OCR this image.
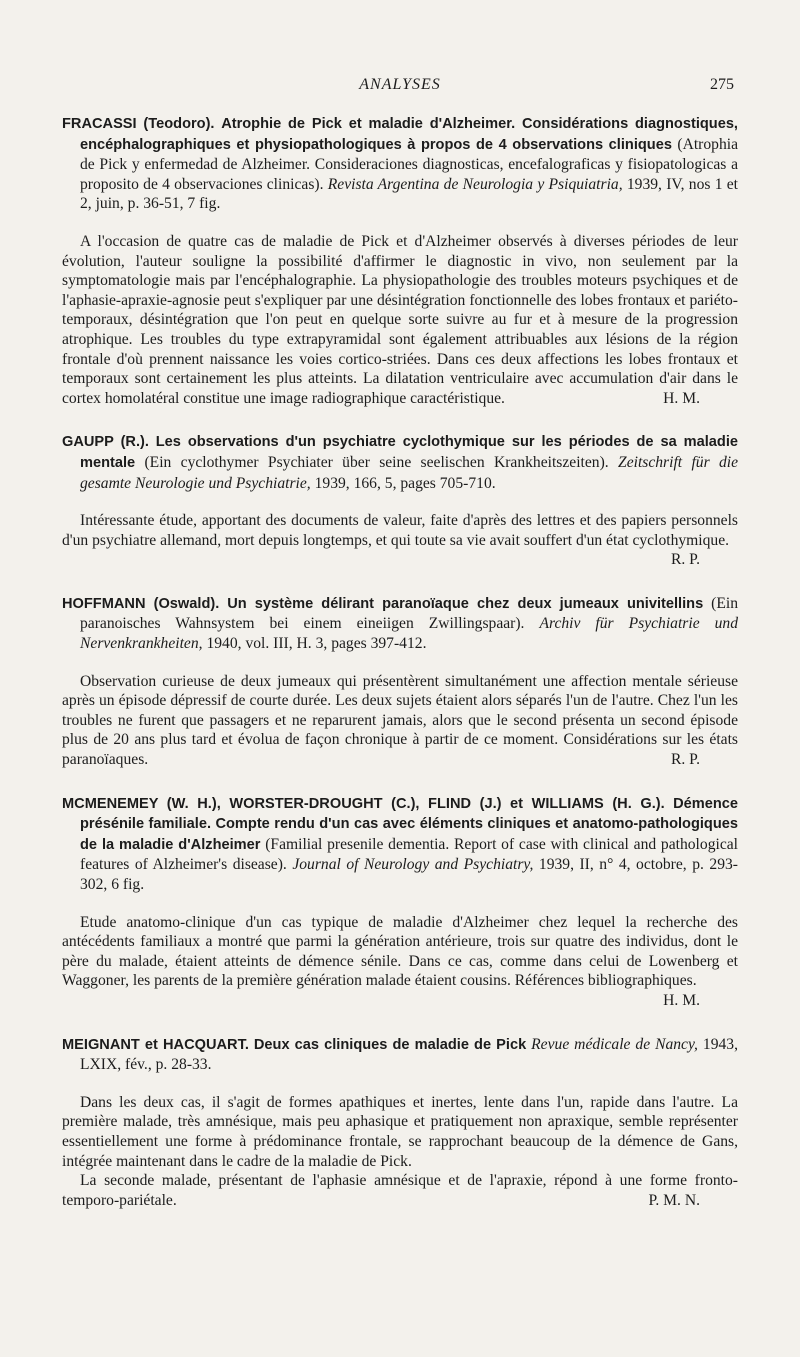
ANALYSES	275
FRACASSI (Teodoro). Atrophie de Pick et maladie d'Alzheimer. Considérations diagnostiques, encéphalographiques et physiopathologiques à propos de 4 observations cliniques (Atrophia de Pick y enfermedad de Alzheimer. Consideraciones diagnosticas, encefalograficas y fisiopatologicas a proposito de 4 observaciones clinicas). Revista Argentina de Neurologia y Psiquiatria, 1939, IV, nos 1 et 2, juin, p. 36-51, 7 fig.
A l'occasion de quatre cas de maladie de Pick et d'Alzheimer observés à diverses périodes de leur évolution, l'auteur souligne la possibilité d'affirmer le diagnostic in vivo, non seulement par la symptomatologie mais par l'encéphalographie. La physiopathologie des troubles moteurs psychiques et de l'aphasie-apraxie-agnosie peut s'expliquer par une désintégration fonctionnelle des lobes frontaux et pariéto-temporaux, désintégration que l'on peut en quelque sorte suivre au fur et à mesure de la progression atrophique. Les troubles du type extrapyramidal sont également attribuables aux lésions de la région frontale d'où prennent naissance les voies cortico-striées. Dans ces deux affections les lobes frontaux et temporaux sont certainement les plus atteints. La dilatation ventriculaire avec accumulation d'air dans le cortex homolatéral constitue une image radiographique caractéristique.	H. M.
GAUPP (R.). Les observations d'un psychiatre cyclothymique sur les périodes de sa maladie mentale (Ein cyclothymer Psychiater über seine seelischen Krankheitszeiten). Zeitschrift für die gesamte Neurologie und Psychiatrie, 1939, 166, 5, pages 705-710.
Intéressante étude, apportant des documents de valeur, faite d'après des lettres et des papiers personnels d'un psychiatre allemand, mort depuis longtemps, et qui toute sa vie avait souffert d'un état cyclothymique.
R. P.
HOFFMANN (Oswald). Un système délirant paranoïaque chez deux jumeaux univitellins (Ein paranoisches Wahnsystem bei einem eineiigen Zwillingspaar). Archiv für Psychiatrie und Nervenkrankheiten, 1940, vol. III, H. 3, pages 397-412.
Observation curieuse de deux jumeaux qui présentèrent simultanément une affection mentale sérieuse après un épisode dépressif de courte durée. Les deux sujets étaient alors séparés l'un de l'autre. Chez l'un les troubles ne furent que passagers et ne reparurent jamais, alors que le second présenta un second épisode plus de 20 ans plus tard et évolua de façon chronique à partir de ce moment. Considérations sur les états paranoïaques.	R. P.
MCMENEMEY (W. H.), WORSTER-DROUGHT (C.), FLIND (J.) et WILLIAMS (H. G.). Démence présénile familiale. Compte rendu d'un cas avec éléments cliniques et anatomo-pathologiques de la maladie d'Alzheimer (Familial presenile dementia. Report of case with clinical and pathological features of Alzheimer's disease). Journal of Neurology and Psychiatry, 1939, II, n° 4, octobre, p. 293-302, 6 fig.
Etude anatomo-clinique d'un cas typique de maladie d'Alzheimer chez lequel la recherche des antécédents familiaux a montré que parmi la génération antérieure, trois sur quatre des individus, dont le père du malade, étaient atteints de démence sénile. Dans ce cas, comme dans celui de Lowenberg et Waggoner, les parents de la première génération malade étaient cousins. Références bibliographiques.
H. M.
MEIGNANT et HACQUART. Deux cas cliniques de maladie de Pick Revue médicale de Nancy, 1943, LXIX, fév., p. 28-33.
Dans les deux cas, il s'agit de formes apathiques et inertes, lente dans l'un, rapide dans l'autre. La première malade, très amnésique, mais peu aphasique et pratiquement non apraxique, semble représenter essentiellement une forme à prédominance frontale, se rapprochant beaucoup de la démence de Gans, intégrée maintenant dans le cadre de la maladie de Pick.
La seconde malade, présentant de l'aphasie amnésique et de l'apraxie, répond à une forme fronto-temporo-pariétale.	P. M. N.
